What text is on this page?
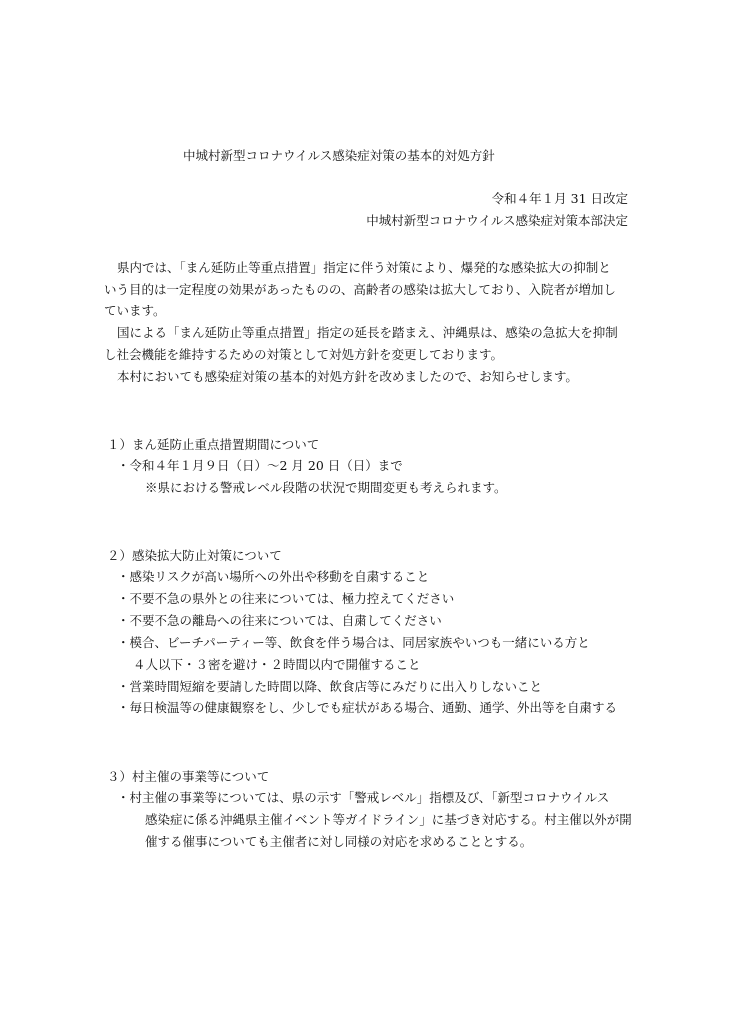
中城村新型コロナウイルス感染症対策の基本的対処方針
令和４年１月 31 日改定
中城村新型コロナウイルス感染症対策本部決定
県内では、「まん延防止等重点措置」指定に伴う対策により、爆発的な感染拡大の抑制と
いう目的は一定程度の効果があったものの、高齢者の感染は拡大しており、入院者が増加し
ています。
国による「まん延防止等重点措置」指定の延長を踏まえ、沖縄県は、感染の急拡大を抑制
し社会機能を維持するための対策として対処方針を変更しております。
本村においても感染症対策の基本的対処方針を改めましたので、お知らせします。
１）まん延防止重点措置期間について
・令和４年１月９日（日）～2 月 20 日（日）まで
※県における警戒レベル段階の状況で期間変更も考えられます。
２）感染拡大防止対策について
・感染リスクが高い場所への外出や移動を自粛すること
・不要不急の県外との往来については、極力控えてください
・不要不急の離島への往来については、自粛してください
・模合、ビーチパーティー等、飲食を伴う場合は、同居家族やいつも一緒にいる方と
４人以下・３密を避け・２時間以内で開催すること
・営業時間短縮を要請した時間以降、飲食店等にみだりに出入りしないこと
・毎日検温等の健康観察をし、少しでも症状がある場合、通勤、通学、外出等を自粛する
３）村主催の事業等について
・村主催の事業等については、県の示す「警戒レベル」指標及び、「新型コロナウイルス
感染症に係る沖縄県主催イベント等ガイドライン」に基づき対応する。村主催以外が開
催する催事についても主催者に対し同様の対応を求めることとする。
